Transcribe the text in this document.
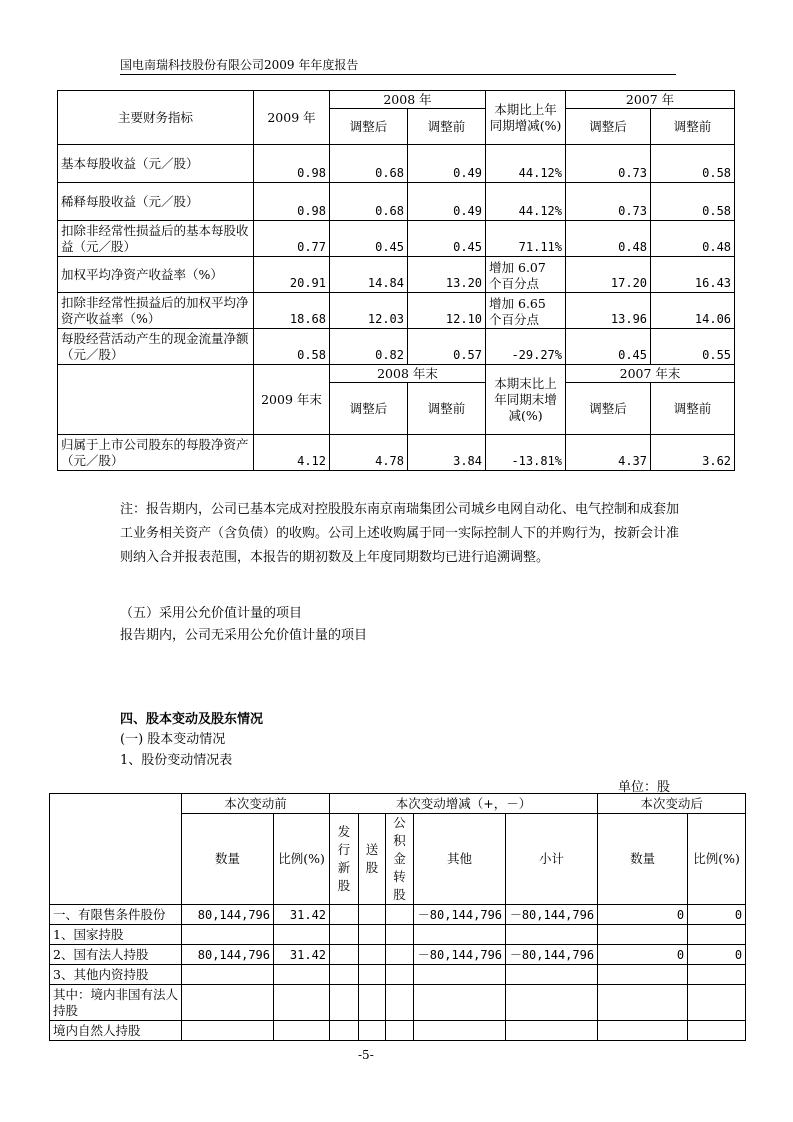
国电南瑞科技股份有限公司2009 年年度报告
主要财务指标	2009 年	2008 年		本期比上年同期增减(%)	2007 年	
		调整后	调整前		调整后	调整前
基本每股收益（元／股）	0.98	0.68	0.49	44.12%	0.73	0.58
稀释每股收益（元／股）	0.98	0.68	0.49	44.12%	0.73	0.58
扣除非经常性损益后的基本每股收益（元／股）	0.77	0.45	0.45	71.11%	0.48	0.48
加权平均净资产收益率（%）	20.91	14.84	13.20	增加 6.07 个百分点	17.20	16.43
扣除非经常性损益后的加权平均净资产收益率（%）	18.68	12.03	12.10	增加 6.65 个百分点	13.96	14.06
每股经营活动产生的现金流量净额（元／股）	0.58	0.82	0.57	-29.27%	0.45	0.55
	2009 年末	2008 年末		本期末比上年同期末增减(%)	2007 年末	
		调整后	调整前		调整后	调整前
归属于上市公司股东的每股净资产（元／股）	4.12	4.78	3.84	-13.81%	4.37	3.62
注：报告期内，公司已基本完成对控股股东南京南瑞集团公司城乡电网自动化、电气控制和成套加工业务相关资产（含负债）的收购。公司上述收购属于同一实际控制人下的并购行为，按新会计准则纳入合并报表范围，本报告的期初数及上年度同期数均已进行追溯调整。
（五）采用公允价值计量的项目
报告期内，公司无采用公允价值计量的项目
四、股本变动及股东情况
(一) 股本变动情况
1、股份变动情况表
单位：股
	本次变动前		本次变动增减（+，－）					本次变动后	
	数量	比例(%)	发行新股	送股	公积金转股	其他	小计	数量	比例(%)
一、有限售条件股份	80,144,796	31.42				－80,144,796	－80,144,796	0	0
1、国家持股									
2、国有法人持股	80,144,796	31.42				－80,144,796	－80,144,796	0	0
3、其他内资持股									
其中：境内非国有法人持股									
境内自然人持股									
-5-
